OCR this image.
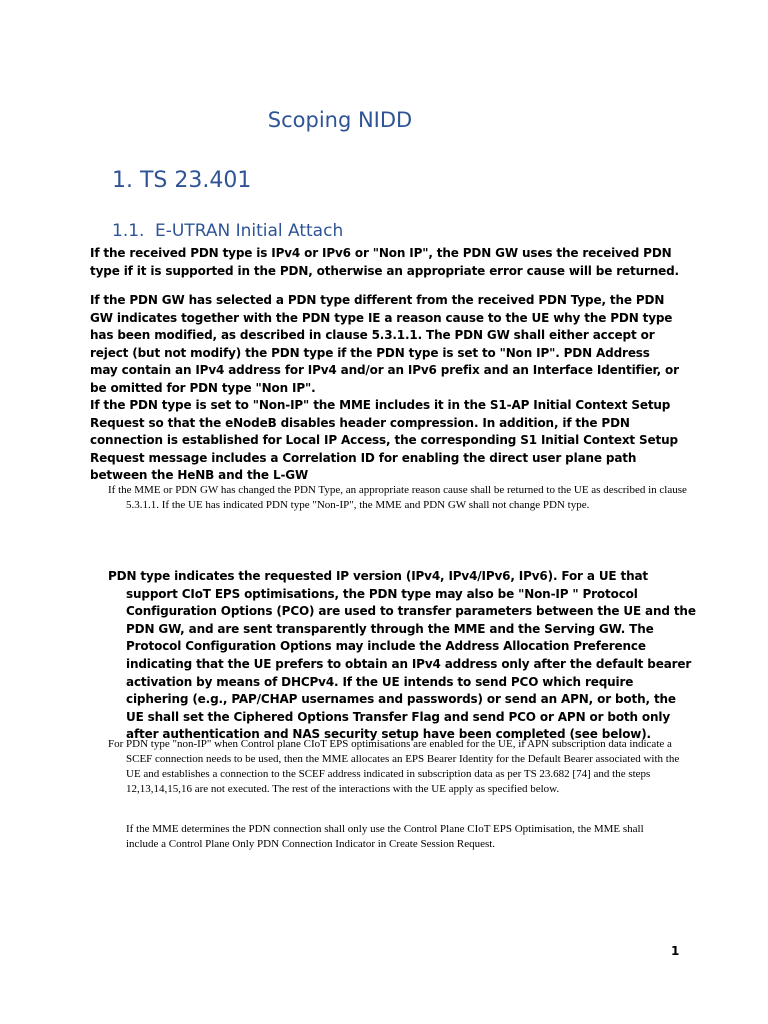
Scoping NIDD
1. TS 23.401
1.1. E-UTRAN Initial Attach

If the received PDN type is IPv4 or IPv6 or "Non IP", the PDN GW uses the received PDN type if it is supported in the PDN, otherwise an appropriate error cause will be returned.

If the PDN GW has selected a PDN type different from the received PDN Type, the PDN GW indicates together with the PDN type IE a reason cause to the UE why the PDN type has been modified, as described in clause 5.3.1.1. The PDN GW shall either accept or reject (but not modify) the PDN type if the PDN type is set to "Non IP". PDN Address may contain an IPv4 address for IPv4 and/or an IPv6 prefix and an Interface Identifier, or be omitted for PDN type "Non IP".

If the PDN type is set to "Non-IP" the MME includes it in the S1-AP Initial Context Setup Request so that the eNodeB disables header compression. In addition, if the PDN connection is established for Local IP Access, the corresponding S1 Initial Context Setup Request message includes a Correlation ID for enabling the direct user plane path between the HeNB and the L-GW

If the MME or PDN GW has changed the PDN Type, an appropriate reason cause shall be returned to the UE as described in clause 5.3.1.1. If the UE has indicated PDN type "Non-IP", the MME and PDN GW shall not change PDN type.

PDN type indicates the requested IP version (IPv4, IPv4/IPv6, IPv6). For a UE that support CIoT EPS optimisations, the PDN type may also be "Non-IP " Protocol Configuration Options (PCO) are used to transfer parameters between the UE and the PDN GW, and are sent transparently through the MME and the Serving GW. The Protocol Configuration Options may include the Address Allocation Preference indicating that the UE prefers to obtain an IPv4 address only after the default bearer activation by means of DHCPv4. If the UE intends to send PCO which require ciphering (e.g., PAP/CHAP usernames and passwords) or send an APN, or both, the UE shall set the Ciphered Options Transfer Flag and send PCO or APN or both only after authentication and NAS security setup have been completed (see below).

For PDN type "non-IP" when Control plane CIoT EPS optimisations are enabled for the UE, if APN subscription data indicate a SCEF connection needs to be used, then the MME allocates an EPS Bearer Identity for the Default Bearer associated with the UE and establishes a connection to the SCEF address indicated in subscription data as per TS 23.682 [74] and the steps 12,13,14,15,16 are not executed. The rest of the interactions with the UE apply as specified below.

If the MME determines the PDN connection shall only use the Control Plane CIoT EPS Optimisation, the MME shall include a Control Plane Only PDN Connection Indicator in Create Session Request.

1
